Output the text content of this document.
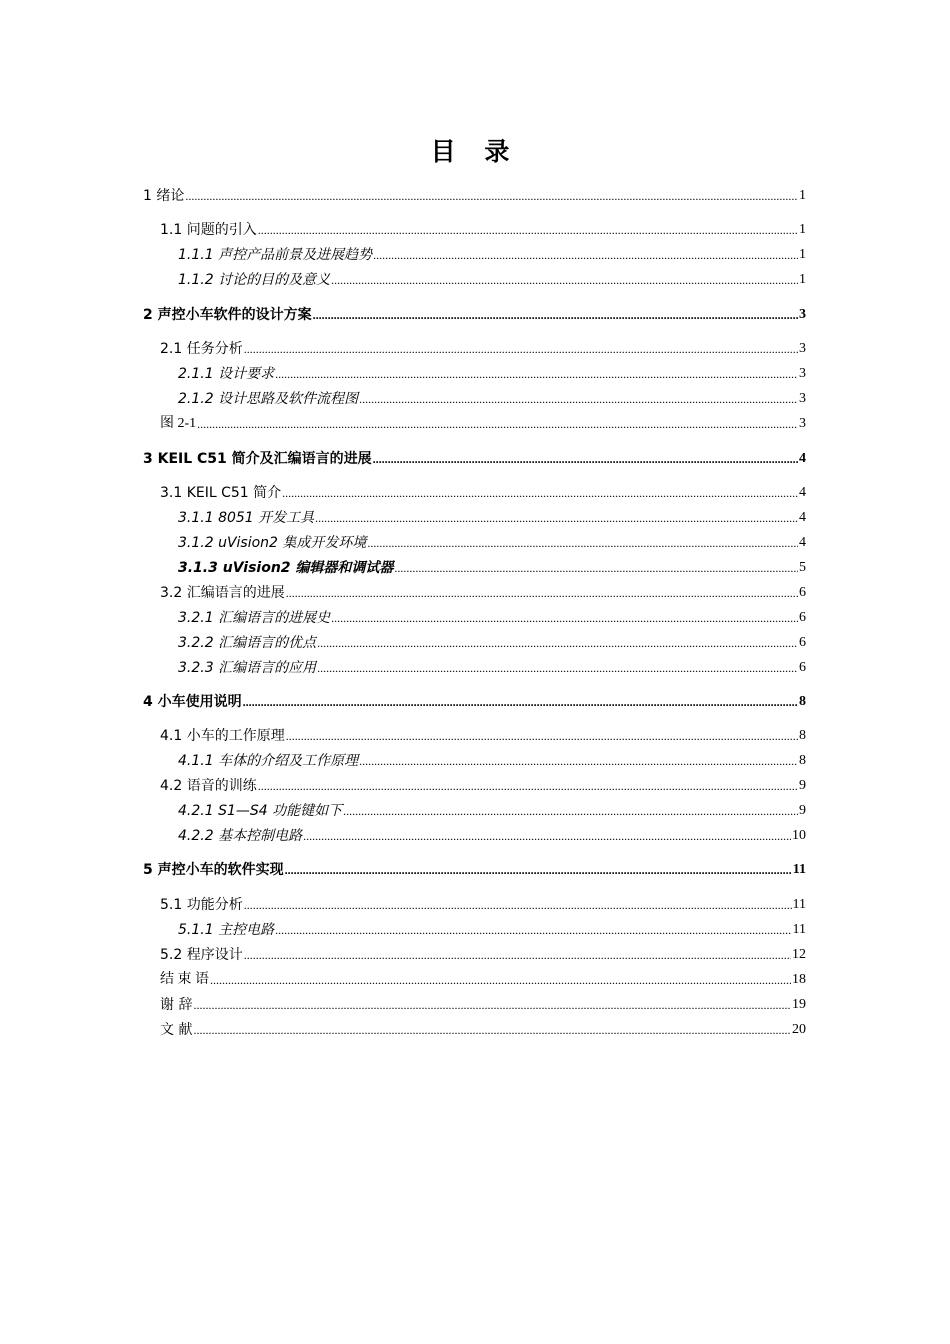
目 录
1 绪论 .....	1
1.1 问题的引入 .....	1
1.1.1 声控产品前景及进展趋势 .....	1
1.1.2 讨论的目的及意义 .....	1
2 声控小车软件的设计方案 .....	3
2.1 任务分析 .....	3
2.1.1 设计要求 .....	3
2.1.2 设计思路及软件流程图 .....	3
图 2-1 .....	3
3 KEIL C51 简介及汇编语言的进展 .....	4
3.1 KEIL C51 简介 .....	4
3.1.1 8051 开发工具 .....	4
3.1.2 uVision2 集成开发环境 .....	4
3.1.3 uVision2 编辑器和调试器 .....	5
3.2 汇编语言的进展 .....	6
3.2.1 汇编语言的进展史 .....	6
3.2.2 汇编语言的优点 .....	6
3.2.3 汇编语言的应用 .....	6
4 小车使用说明 .....	8
4.1 小车的工作原理 .....	8
4.1.1 车体的介绍及工作原理 .....	8
4.2 语音的训练 .....	9
4.2.1 S1—S4 功能键如下 .....	9
4.2.2 基本控制电路 .....	10
5 声控小车的软件实现 .....	11
5.1 功能分析 .....	11
5.1.1 主控电路 .....	11
5.2 程序设计 .....	12
结 束 语 .....	18
谢 辞 .....	19
文 献 .....	20
